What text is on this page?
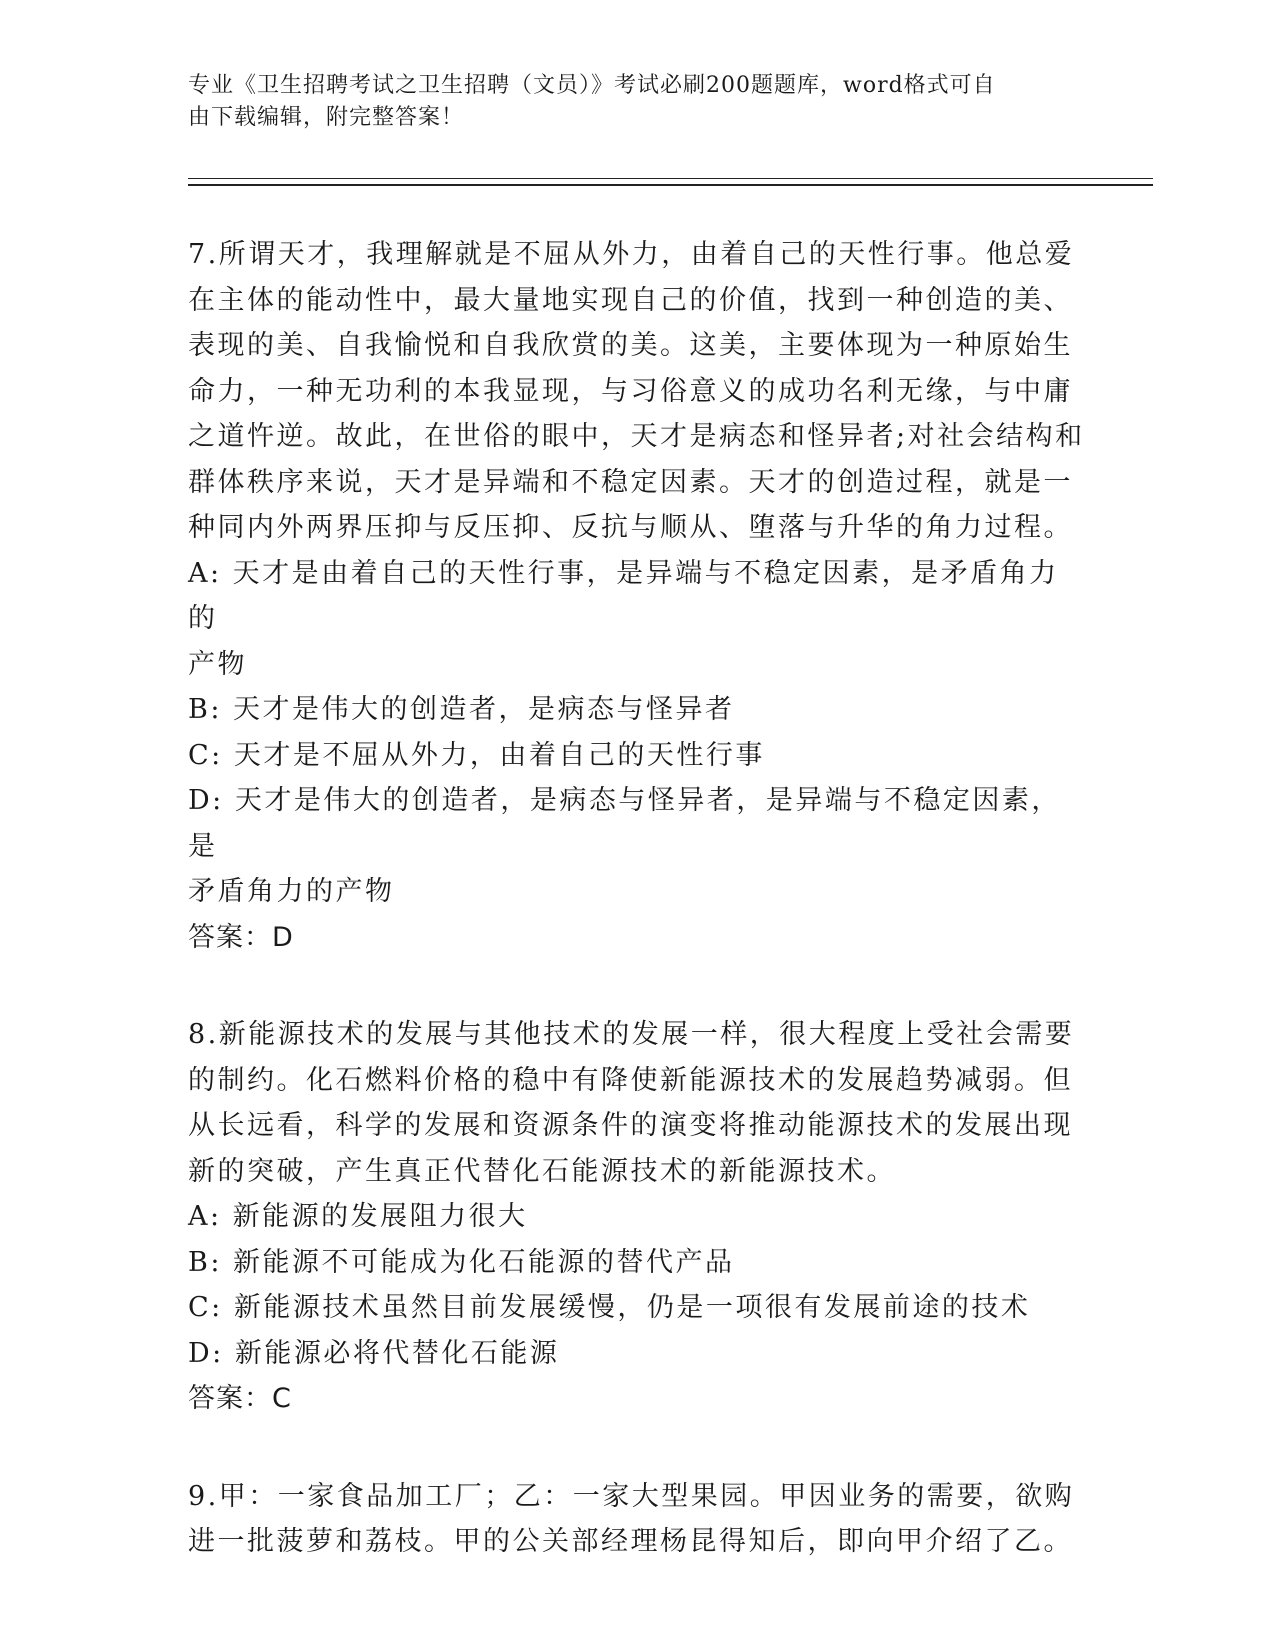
专业《卫生招聘考试之卫生招聘（文员）》考试必刷200题题库，word格式可自
由下载编辑，附完整答案！

7.所谓天才，我理解就是不屈从外力，由着自己的天性行事。他总爱

在主体的能动性中，最大量地实现自己的价值，找到一种创造的美、

表现的美、自我愉悦和自我欣赏的美。这美，主要体现为一种原始生

命力，一种无功利的本我显现，与习俗意义的成功名利无缘，与中庸

之道忤逆。故此，在世俗的眼中，天才是病态和怪异者;对社会结构和

群体秩序来说，天才是异端和不稳定因素。天才的创造过程，就是一

种同内外两界压抑与反压抑、反抗与顺从、堕落与升华的角力过程。

A: 天才是由着自己的天性行事，是异端与不稳定因素，是矛盾角力的

产物

B: 天才是伟大的创造者，是病态与怪异者

C: 天才是不屈从外力，由着自己的天性行事

D: 天才是伟大的创造者，是病态与怪异者，是异端与不稳定因素，是

矛盾角力的产物

答案：D

8.新能源技术的发展与其他技术的发展一样，很大程度上受社会需要

的制约。化石燃料价格的稳中有降使新能源技术的发展趋势减弱。但

从长远看，科学的发展和资源条件的演变将推动能源技术的发展出现

新的突破，产生真正代替化石能源技术的新能源技术。

A: 新能源的发展阻力很大

B: 新能源不可能成为化石能源的替代产品

C: 新能源技术虽然目前发展缓慢，仍是一项很有发展前途的技术

D: 新能源必将代替化石能源

答案：C

9.甲：一家食品加工厂；乙：一家大型果园。甲因业务的需要，欲购

进一批菠萝和荔枝。甲的公关部经理杨昆得知后，即向甲介绍了乙。
